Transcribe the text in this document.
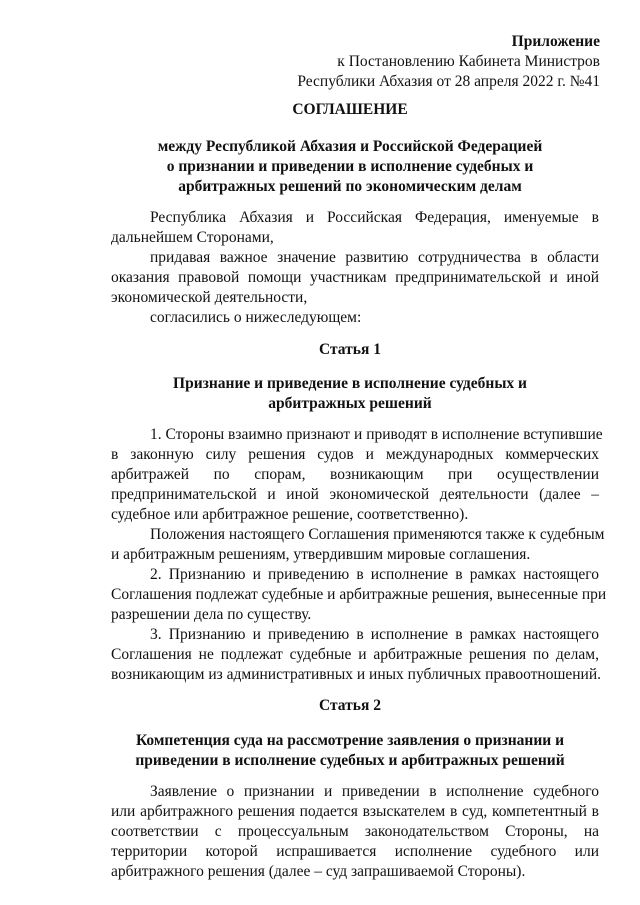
Приложение
к Постановлению Кабинета Министров
Республики Абхазия от 28 апреля 2022 г. №41
СОГЛАШЕНИЕ
между Республикой Абхазия и Российской Федерацией
о признании и приведении в исполнение судебных и
арбитражных решений по экономическим делам
Республика Абхазия и Российская Федерация, именуемые в
дальнейшем Сторонами,
придавая важное значение развитию сотрудничества в области
оказания правовой помощи участникам предпринимательской и иной
экономической деятельности,
согласились о нижеследующем:
Статья 1
Признание и приведение в исполнение судебных и
арбитражных решений
1. Стороны взаимно признают и приводят в исполнение вступившие
в законную силу решения судов и международных коммерческих
арбитражей по спорам, возникающим при осуществлении
предпринимательской и иной экономической деятельности (далее –
судебное или арбитражное решение, соответственно).
Положения настоящего Соглашения применяются также к судебным
и арбитражным решениям, утвердившим мировые соглашения.
2. Признанию и приведению в исполнение в рамках настоящего
Соглашения подлежат судебные и арбитражные решения, вынесенные при
разрешении дела по существу.
3. Признанию и приведению в исполнение в рамках настоящего
Соглашения не подлежат судебные и арбитражные решения по делам,
возникающим из административных и иных публичных правоотношений.
Статья 2
Компетенция суда на рассмотрение заявления о признании и
приведении в исполнение судебных и арбитражных решений
Заявление о признании и приведении в исполнение судебного
или арбитражного решения подается взыскателем в суд, компетентный в
соответствии с процессуальным законодательством Стороны, на
территории которой испрашивается исполнение судебного или
арбитражного решения (далее – суд запрашиваемой Стороны).
